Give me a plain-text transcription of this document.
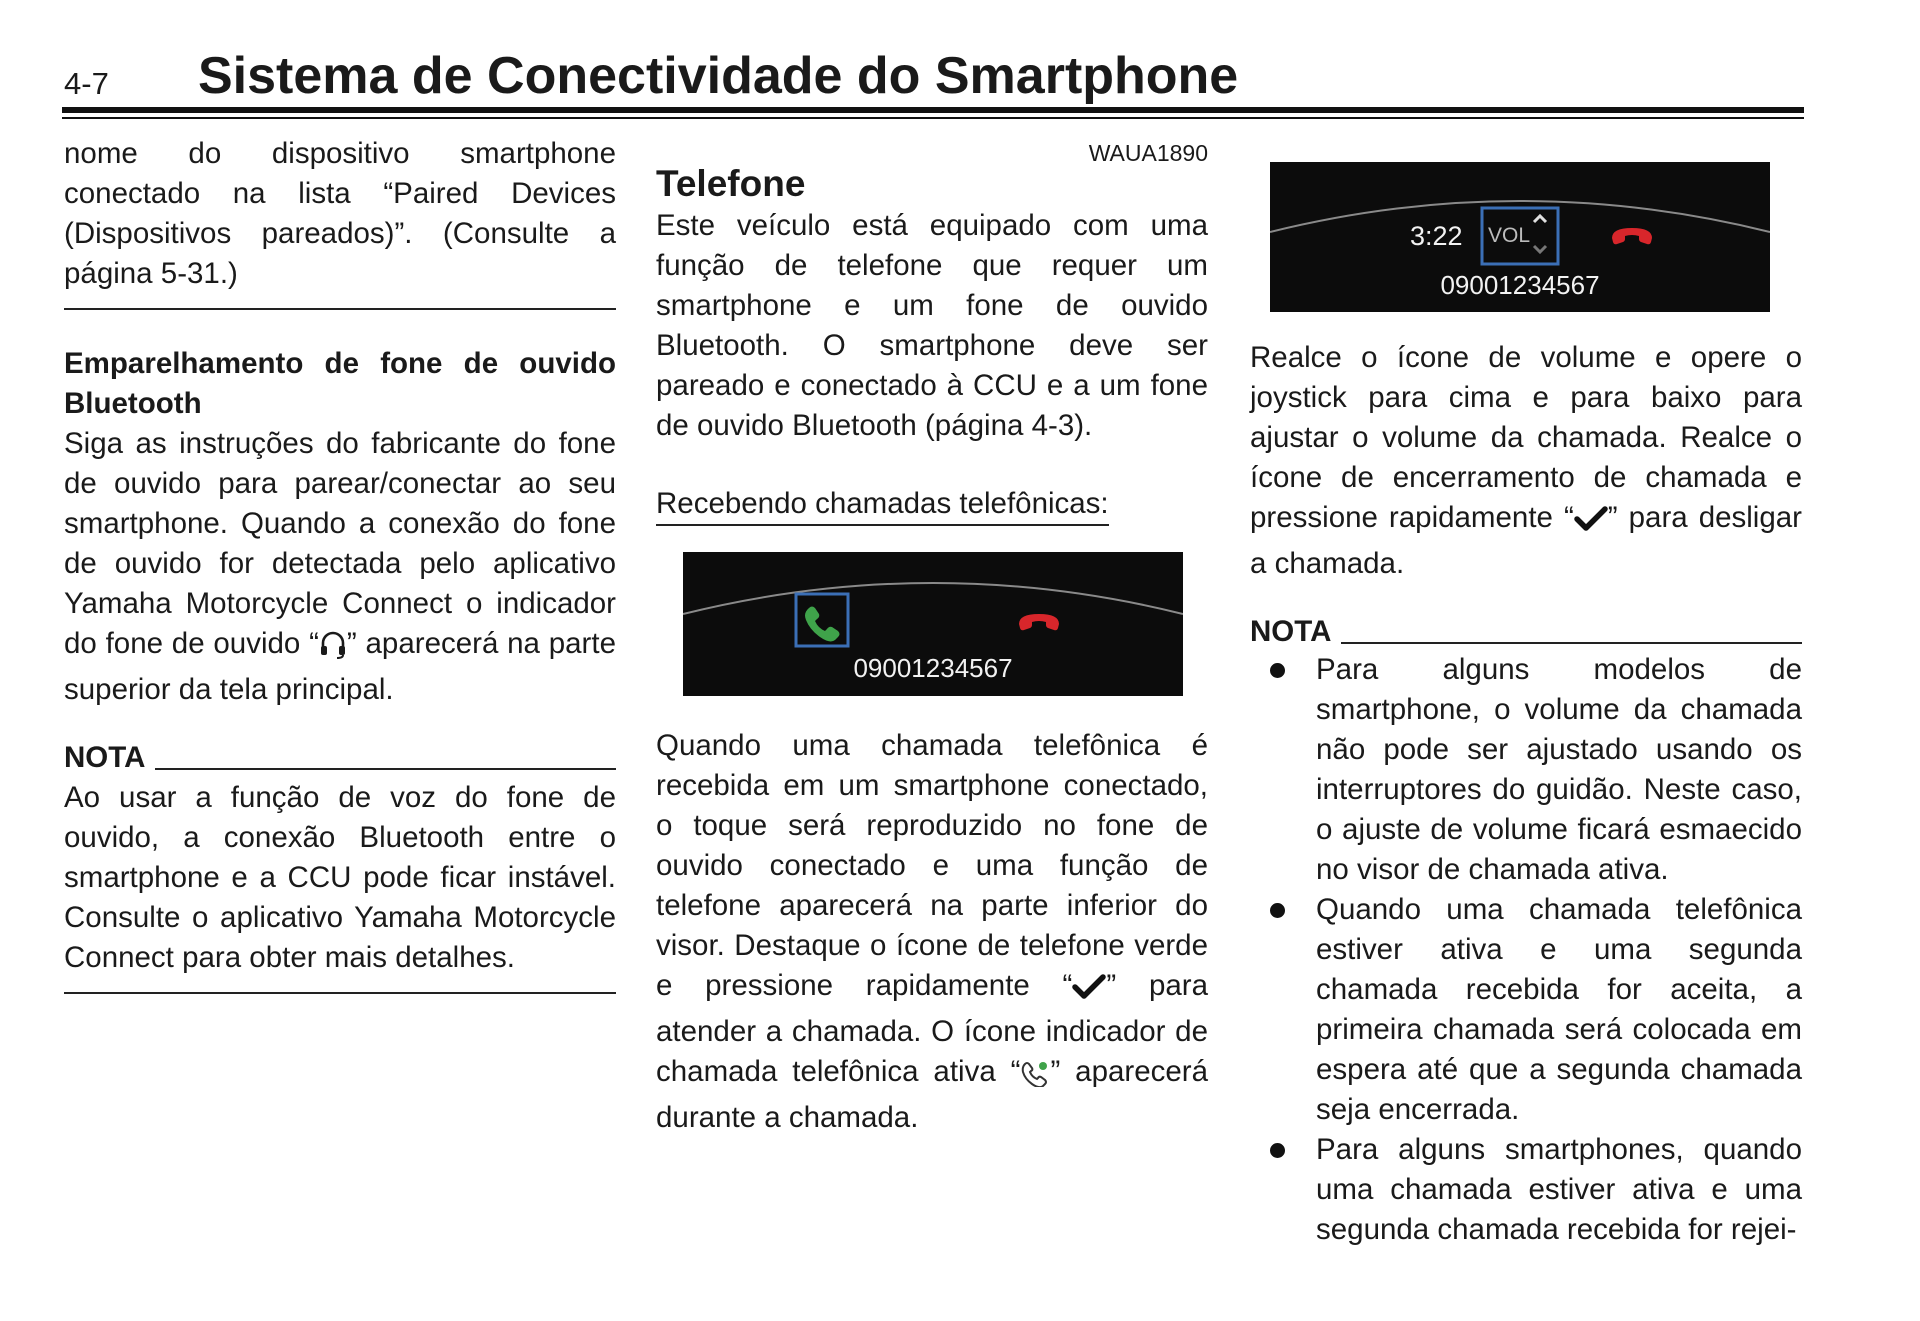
4-7 Sistema de Conectividade do Smartphone

nome do dispositivo smartphone conectado na lista “Paired Devices (Dispositivos pareados)”. (Consulte a página 5-31.)

Emparelhamento de fone de ouvido Bluetooth

Siga as instruções do fabricante do fone de ouvido para parear/conectar ao seu smartphone. Quando a conexão do fone de ouvido for detectada pelo aplicativo Yamaha Motorcycle Connect o indicador do fone de ouvido “ ” aparecerá na parte superior da tela principal.

NOTA

Ao usar a função de voz do fone de ouvido, a conexão Bluetooth entre o smartphone e a CCU pode ficar instável. Consulte o aplicativo Yamaha Motorcycle Connect para obter mais detalhes.

WAUA1890
Telefone

Este veículo está equipado com uma função de telefone que requer um smartphone e um fone de ouvido Bluetooth. O smartphone deve ser pareado e conectado à CCU e a um fone de ouvido Bluetooth (página 4-3).

Recebendo chamadas telefônicas:
09001234567

Quando uma chamada telefônica é recebida em um smartphone conectado, o toque será reproduzido no fone de ouvido conectado e uma função de telefone aparecerá na parte inferior do visor. Destaque o ícone de telefone verde e pressione rapidamente “ ” para atender a chamada. O ícone indicador de chamada telefônica ativa “ ” aparecerá durante a chamada.

3:22 VOL
09001234567

Realce o ícone de volume e opere o joystick para cima e para baixo para ajustar o volume da chamada. Realce o ícone de encerramento de chamada e pressione rapidamente “ ” para desligar a chamada.

NOTA
Para alguns modelos de smartphone, o volume da chamada não pode ser ajustado usando os interruptores do guidão. Neste caso, o ajuste de volume ficará esmaecido no visor de chamada ativa.
Quando uma chamada telefônica estiver ativa e uma segunda chamada recebida for aceita, a primeira chamada será colocada em espera até que a segunda chamada seja encerrada.
Para alguns smartphones, quando uma chamada estiver ativa e uma segunda chamada recebida for rejei-
